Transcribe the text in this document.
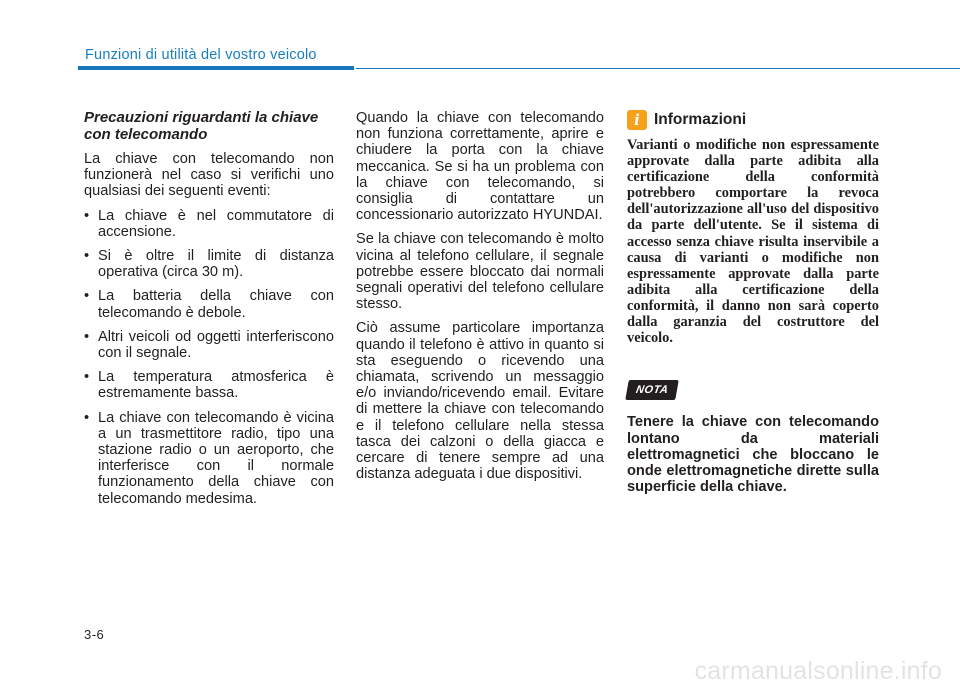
Funzioni di utilità del vostro veicolo
Precauzioni riguardanti la chiave con telecomando

La chiave con telecomando non funzionerà nel caso si verifichi uno qualsiasi dei seguenti eventi:

• La chiave è nel commutatore di accensione.
• Si è oltre il limite di distanza operativa (circa 30 m).
• La batteria della chiave con telecomando è debole.
• Altri veicoli od oggetti interferiscono con il segnale.
• La temperatura atmosferica è estremamente bassa.
• La chiave con telecomando è vicina a un trasmettitore radio, tipo una stazione radio o un aeroporto, che interferisce con il normale funzionamento della chiave con telecomando medesima.

Quando la chiave con telecomando non funziona correttamente, aprire e chiudere la porta con la chiave meccanica. Se si ha un problema con la chiave con telecomando, si consiglia di contattare un concessionario autorizzato HYUNDAI.

Se la chiave con telecomando è molto vicina al telefono cellulare, il segnale potrebbe essere bloccato dai normali segnali operativi del telefono cellulare stesso.

Ciò assume particolare importanza quando il telefono è attivo in quanto si sta eseguendo o ricevendo una chiamata, scrivendo un messaggio e/o inviando/ricevendo email. Evitare di mettere la chiave con telecomando e il telefono cellulare nella stessa tasca dei calzoni o della giacca e cercare di tenere sempre ad una distanza adeguata i due dispositivi.

i Informazioni

Varianti o modifiche non espressamente approvate dalla parte adibita alla certificazione della conformità potrebbero comportare la revoca dell'autorizzazione all'uso del dispositivo da parte dell'utente. Se il sistema di accesso senza chiave risulta inservibile a causa di varianti o modifiche non espressamente approvate dalla parte adibita alla certificazione della conformità, il danno non sarà coperto dalla garanzia del costruttore del veicolo.

NOTA

Tenere la chiave con telecomando lontano da materiali elettromagnetici che bloccano le onde elettromagnetiche dirette sulla superficie della chiave.

3-6
carmanualsonline.info
